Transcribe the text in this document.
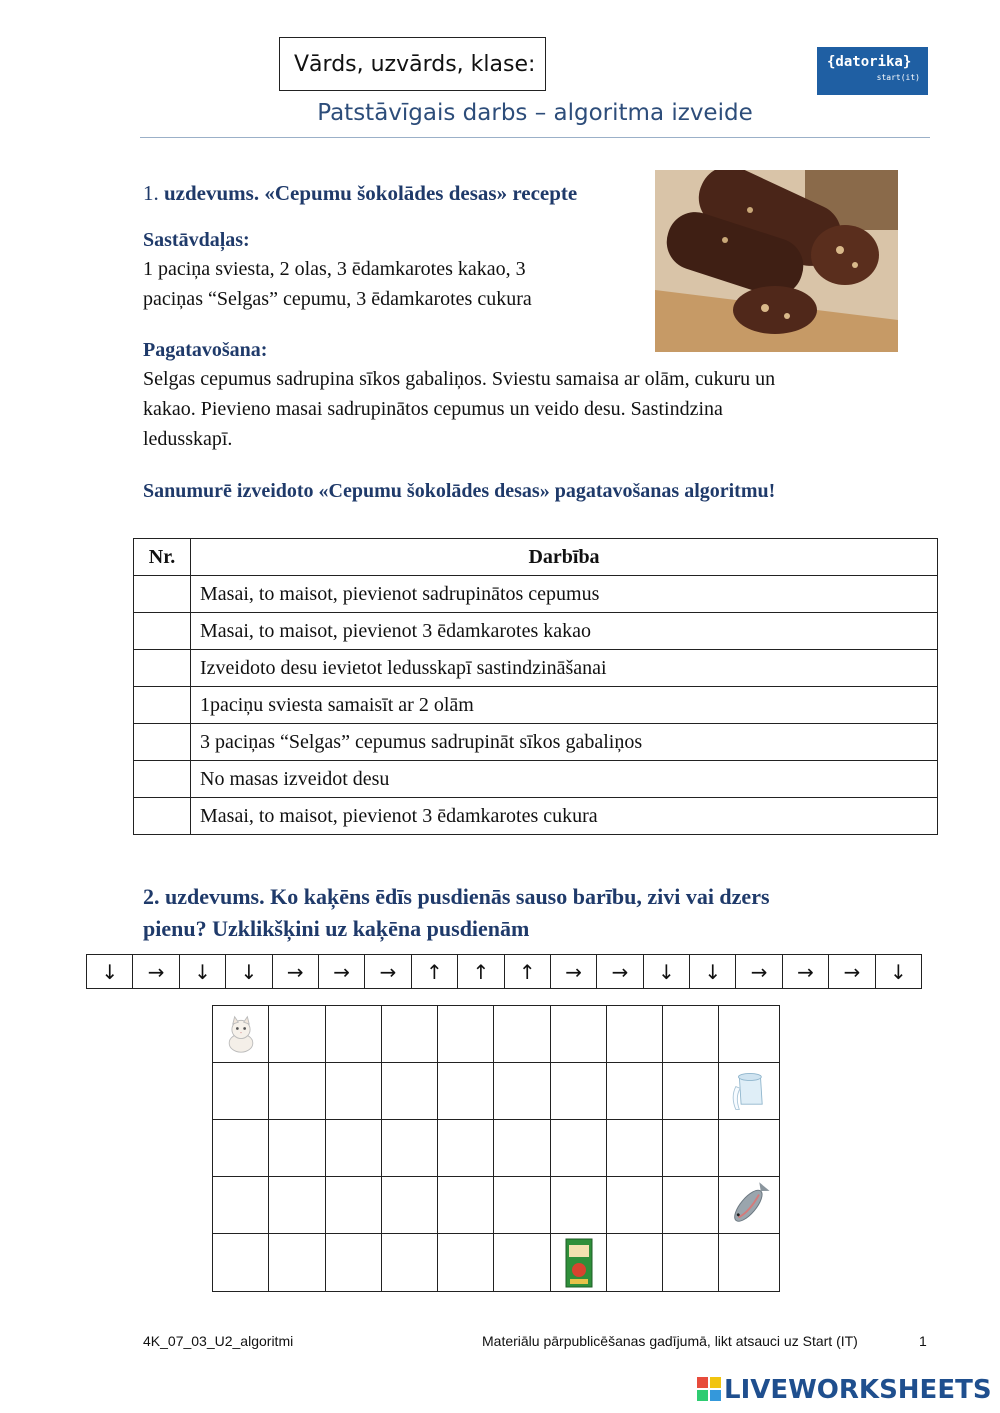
Vārds, uzvārds, klase:	{datorika}
start(it)
Patstāvīgais darbs – algoritma izveide
1. uzdevums. «Cepumu šokolādes desas» recepte
Sastāvdaļas:
1 paciņa sviesta, 2 olas, 3 ēdamkarotes kakao, 3
paciņas “Selgas” cepumu, 3 ēdamkarotes cukura
Pagatavošana:
Selgas cepumus sadrupina sīkos gabaliņos. Sviestu samaisa ar olām, cukuru un
kakao. Pievieno masai sadrupinātos cepumus un veido desu. Sastindzina
ledusskapī.
Sanumurē izveidoto «Cepumu šokolādes desas» pagatavošanas algoritmu!
Nr.	Darbība
	Masai, to maisot, pievienot sadrupinātos cepumus
	Masai, to maisot, pievienot 3 ēdamkarotes kakao
	Izveidoto desu ievietot ledusskapī sastindzināšanai
	1paciņu sviesta samaisīt ar 2 olām
	3 paciņas “Selgas” cepumus sadrupināt sīkos gabaliņos
	No masas izveidot desu
	Masai, to maisot, pievienot 3 ēdamkarotes cukura
2. uzdevums. Ko kaķēns ēdīs pusdienās sauso barību, zivi vai dzers
pienu? Uzklikšķini uz kaķēna pusdienām
↓	→	↓	↓	→	→	→	↑	↑	↑	→	→	↓	↓	→	→	→	↓
4K_07_03_U2_algoritmi	Materiālu pārpublicēšanas gadījumā, likt atsauci uz Start (IT)	1
LIVEWORKSHEETS
